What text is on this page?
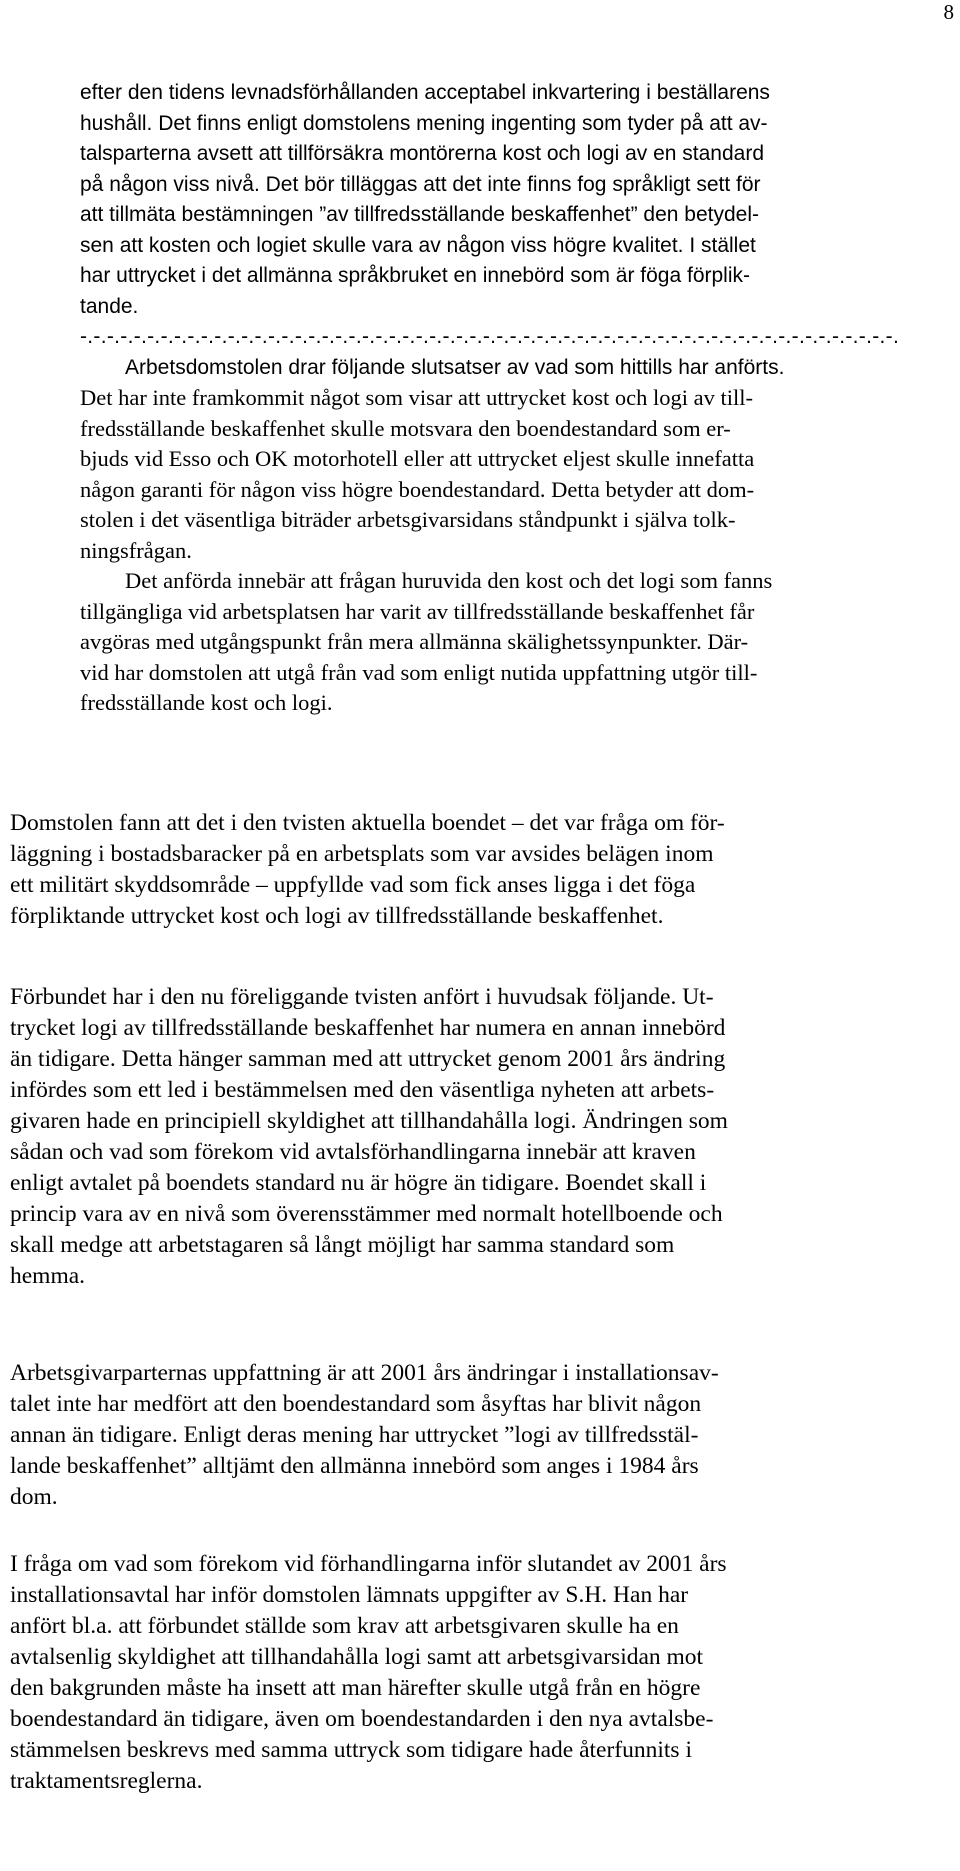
8
efter den tidens levnadsförhållanden acceptabel inkvartering i beställarens
hushåll. Det finns enligt domstolens mening ingenting som tyder på att av-
talsparterna avsett att tillförsäkra montörerna kost och logi av en standard
på någon viss nivå. Det bör tilläggas att det inte finns fog språkligt sett för
att tillmäta bestämningen ”av tillfredsställande beskaffenhet” den betydel-
sen att kosten och logiet skulle vara av någon viss högre kvalitet. I stället
har uttrycket i det allmänna språkbruket en innebörd som är föga förplik-
tande.
-.-.-.-.-.-.-.-.-.-.-.-.-.-.-.-.-.-.-.-.-.-.-.-.-.-.-.-.-.-.-.-.-.-.-.-.-.-.-.-.-.-.-.-.-.-.-.-.-.-.-.-.-.-.-.-.-.-.-.-.-.
Arbetsdomstolen drar följande slutsatser av vad som hittills har anförts.
Det har inte framkommit något som visar att uttrycket kost och logi av till-
fredsställande beskaffenhet skulle motsvara den boendestandard som er-
bjuds vid Esso och OK motorhotell eller att uttrycket eljest skulle innefatta
någon garanti för någon viss högre boendestandard. Detta betyder att dom-
stolen i det väsentliga biträder arbetsgivarsidans ståndpunkt i själva tolk-
ningsfrågan.
Det anförda innebär att frågan huruvida den kost och det logi som fanns
tillgängliga vid arbetsplatsen har varit av tillfredsställande beskaffenhet får
avgöras med utgångspunkt från mera allmänna skälighetssynpunkter. Där-
vid har domstolen att utgå från vad som enligt nutida uppfattning utgör till-
fredsställande kost och logi.
Domstolen fann att det i den tvisten aktuella boendet – det var fråga om för-
läggning i bostadsbaracker på en arbetsplats som var avsides belägen inom
ett militärt skyddsområde – uppfyllde vad som fick anses ligga i det föga
förpliktande uttrycket kost och logi av tillfredsställande beskaffenhet.
Förbundet har i den nu föreliggande tvisten anfört i huvudsak följande. Ut-
trycket logi av tillfredsställande beskaffenhet har numera en annan innebörd
än tidigare. Detta hänger samman med att uttrycket genom 2001 års ändring
infördes som ett led i bestämmelsen med den väsentliga nyheten att arbets-
givaren hade en principiell skyldighet att tillhandahålla logi. Ändringen som
sådan och vad som förekom vid avtalsförhandlingarna innebär att kraven
enligt avtalet på boendets standard nu är högre än tidigare. Boendet skall i
princip vara av en nivå som överensstämmer med normalt hotellboende och
skall medge att arbetstagaren så långt möjligt har samma standard som
hemma.
Arbetsgivarparternas uppfattning är att 2001 års ändringar i installationsav-
talet inte har medfört att den boendestandard som åsyftas har blivit någon
annan än tidigare. Enligt deras mening har uttrycket ”logi av tillfredsstäl-
lande beskaffenhet” alltjämt den allmänna innebörd som anges i 1984 års
dom.
I fråga om vad som förekom vid förhandlingarna inför slutandet av 2001 års
installationsavtal har inför domstolen lämnats uppgifter av S.H. Han har
anfört bl.a. att förbundet ställde som krav att arbetsgivaren skulle ha en
avtalsenlig skyldighet att tillhandahålla logi samt att arbetsgivarsidan mot
den bakgrunden måste ha insett att man härefter skulle utgå från en högre
boendestandard än tidigare, även om boendestandarden i den nya avtalsbe-
stämmelsen beskrevs med samma uttryck som tidigare hade återfunnits i
traktamentsreglerna.
